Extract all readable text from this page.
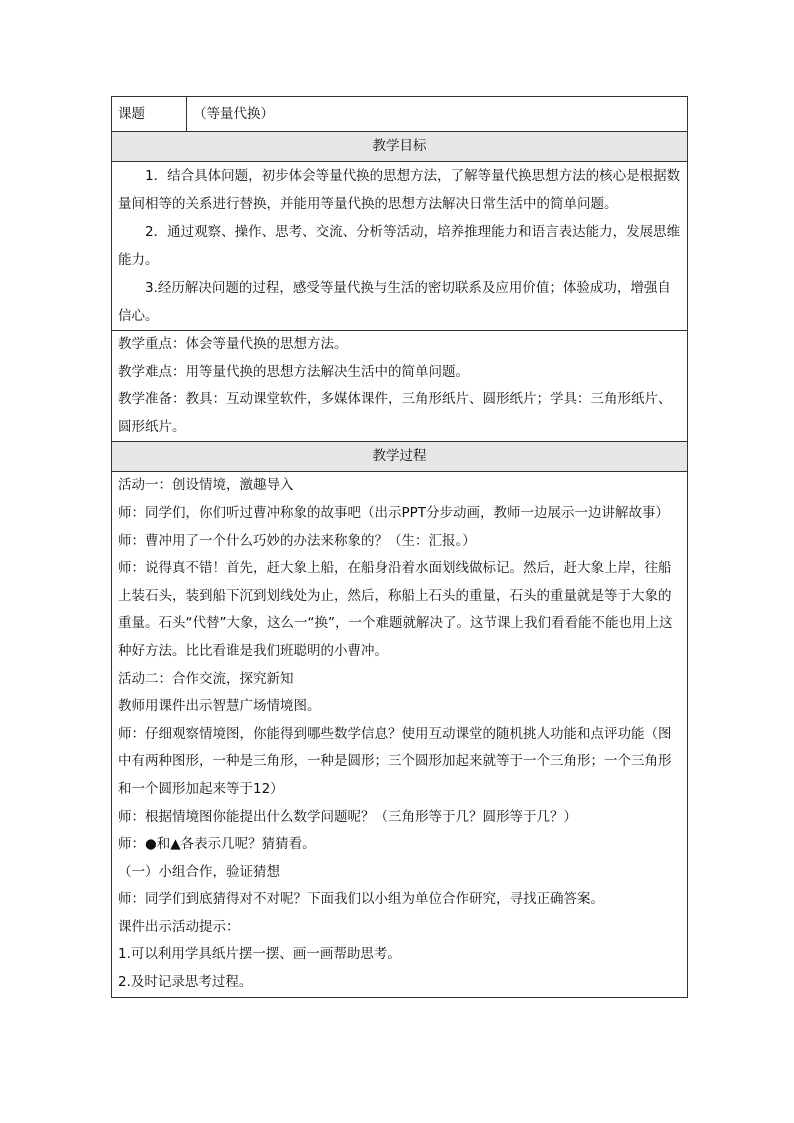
课题	（等量代换）
教学目标

1．结合具体问题，初步体会等量代换的思想方法，了解等量代换思想方法的核心是根据数量间相等的关系进行替换，并能用等量代换的思想方法解决日常生活中的简单问题。

2．通过观察、操作、思考、交流、分析等活动，培养推理能力和语言表达能力，发展思维能力。

3.经历解决问题的过程，感受等量代换与生活的密切联系及应用价值；体验成功，增强自信心。

教学重点：体会等量代换的思想方法。

教学难点：用等量代换的思想方法解决生活中的简单问题。

教学准备：教具：互动课堂软件，多媒体课件，三角形纸片、圆形纸片；学具：三角形纸片、圆形纸片。

教学过程

活动一：创设情境，激趣导入

师：同学们，你们听过曹冲称象的故事吧（出示PPT分步动画，教师一边展示一边讲解故事）

师：曹冲用了一个什么巧妙的办法来称象的？（生：汇报。）

师：说得真不错！首先，赶大象上船，在船身沿着水面划线做标记。然后，赶大象上岸，往船上装石头，装到船下沉到划线处为止，然后，称船上石头的重量，石头的重量就是等于大象的重量。石头“代替”大象，这么一“换”，一个难题就解决了。这节课上我们看看能不能也用上这种好方法。比比看谁是我们班聪明的小曹冲。

活动二：合作交流，探究新知

教师用课件出示智慧广场情境图。

师：仔细观察情境图，你能得到哪些数学信息？使用互动课堂的随机挑人功能和点评功能（图中有两种图形，一种是三角形，一种是圆形；三个圆形加起来就等于一个三角形；一个三角形和一个圆形加起来等于12）

师：根据情境图你能提出什么数学问题呢？（三角形等于几？圆形等于几？）

师：●和▲各表示几呢？猜猜看。

（一）小组合作，验证猜想

师：同学们到底猜得对不对呢？下面我们以小组为单位合作研究，寻找正确答案。

课件出示活动提示：

1.可以利用学具纸片摆一摆、画一画帮助思考。

2.及时记录思考过程。
